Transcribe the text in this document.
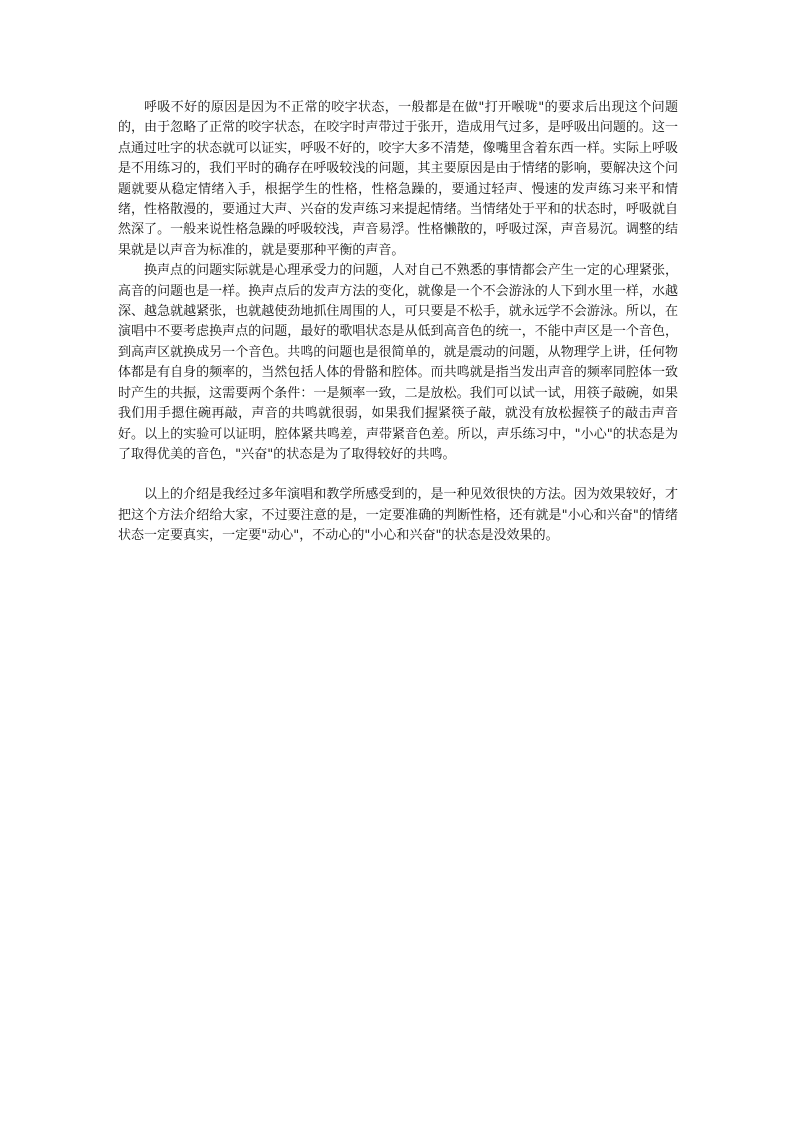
呼吸不好的原因是因为不正常的咬字状态，一般都是在做"打开喉咙"的要求后出现这个问题的，由于忽略了正常的咬字状态，在咬字时声带过于张开，造成用气过多，是呼吸出问题的。这一点通过吐字的状态就可以证实，呼吸不好的，咬字大多不清楚，像嘴里含着东西一样。实际上呼吸是不用练习的，我们平时的确存在呼吸较浅的问题，其主要原因是由于情绪的影响，要解决这个问题就要从稳定情绪入手，根据学生的性格，性格急躁的，要通过轻声、慢速的发声练习来平和情绪，性格散漫的，要通过大声、兴奋的发声练习来提起情绪。当情绪处于平和的状态时，呼吸就自然深了。一般来说性格急躁的呼吸较浅，声音易浮。性格懒散的，呼吸过深，声音易沉。调整的结果就是以声音为标准的，就是要那种平衡的声音。

换声点的问题实际就是心理承受力的问题，人对自己不熟悉的事情都会产生一定的心理紧张，高音的问题也是一样。换声点后的发声方法的变化，就像是一个不会游泳的人下到水里一样，水越深、越急就越紧张，也就越使劲地抓住周围的人，可只要是不松手，就永远学不会游泳。所以，在演唱中不要考虑换声点的问题，最好的歌唱状态是从低到高音色的统一，不能中声区是一个音色，到高声区就换成另一个音色。共鸣的问题也是很简单的，就是震动的问题，从物理学上讲，任何物体都是有自身的频率的，当然包括人体的骨骼和腔体。而共鸣就是指当发出声音的频率同腔体一致时产生的共振，这需要两个条件：一是频率一致，二是放松。我们可以试一试，用筷子敲碗，如果我们用手摁住碗再敲，声音的共鸣就很弱，如果我们握紧筷子敲，就没有放松握筷子的敲击声音好。以上的实验可以证明，腔体紧共鸣差，声带紧音色差。所以，声乐练习中，"小心"的状态是为了取得优美的音色，"兴奋"的状态是为了取得较好的共鸣。

以上的介绍是我经过多年演唱和教学所感受到的，是一种见效很快的方法。因为效果较好，才把这个方法介绍给大家，不过要注意的是，一定要准确的判断性格，还有就是"小心和兴奋"的情绪状态一定要真实，一定要"动心"，不动心的"小心和兴奋"的状态是没效果的。
